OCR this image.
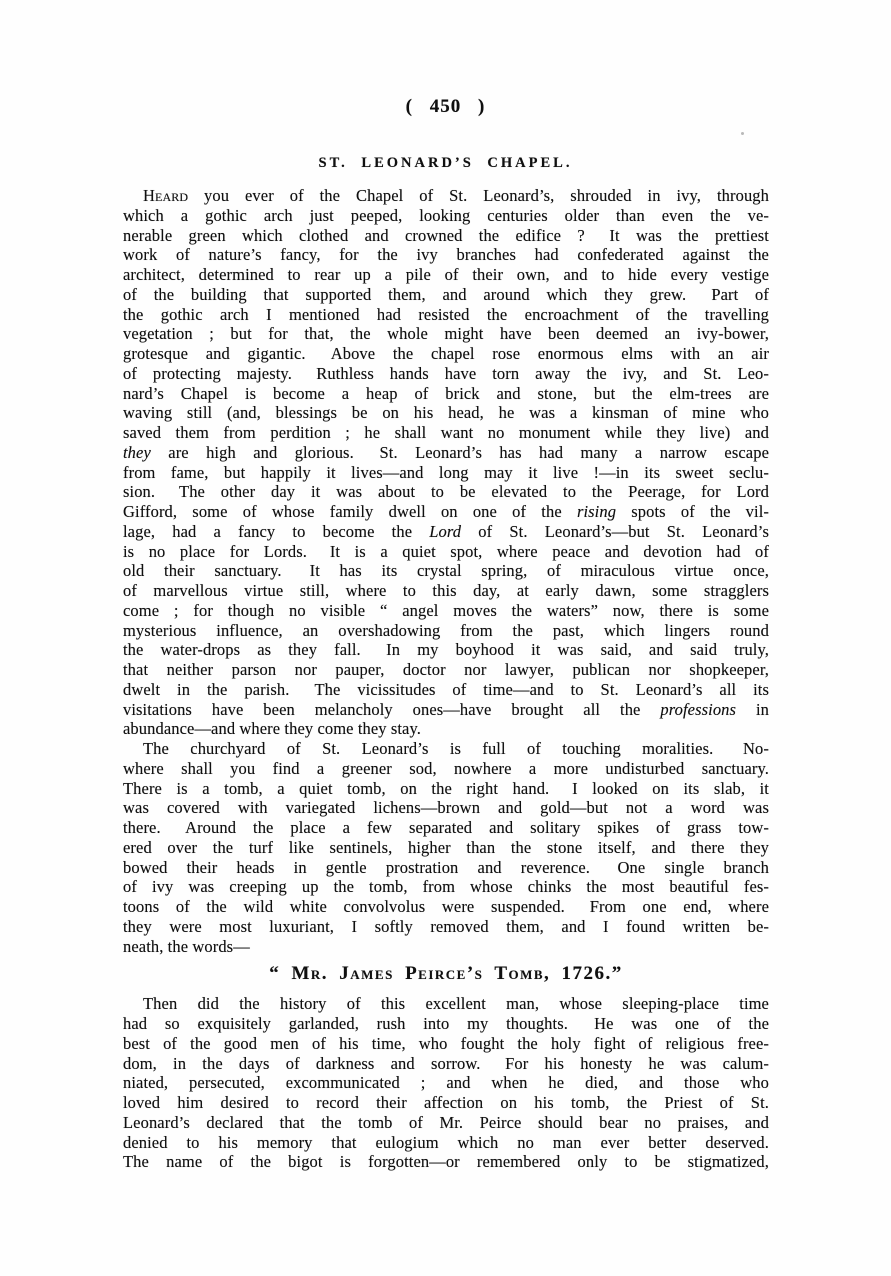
( 450 )
ST. LEONARD’S CHAPEL.
Heard you ever of the Chapel of St. Leonard’s, shrouded in ivy, through
which a gothic arch just peeped, looking centuries older than even the ve-
nerable green which clothed and crowned the edifice ?  It was the prettiest
work of nature’s fancy, for the ivy branches had confederated against the
architect, determined to rear up a pile of their own, and to hide every vestige
of the building that supported them, and around which they grew.  Part of
the gothic arch I mentioned had resisted the encroachment of the travelling
vegetation ; but for that, the whole might have been deemed an ivy-bower,
grotesque and gigantic.  Above the chapel rose enormous elms with an air
of protecting majesty.  Ruthless hands have torn away the ivy, and St. Leo-
nard’s Chapel is become a heap of brick and stone, but the elm-trees are
waving still (and, blessings be on his head, he was a kinsman of mine who
saved them from perdition ; he shall want no monument while they live) and
they are high and glorious.  St. Leonard’s has had many a narrow escape
from fame, but happily it lives—and long may it live !—in its sweet seclu-
sion.  The other day it was about to be elevated to the Peerage, for Lord
Gifford, some of whose family dwell on one of the rising spots of the vil-
lage, had a fancy to become the Lord of St. Leonard’s—but St. Leonard’s
is no place for Lords.  It is a quiet spot, where peace and devotion had of
old their sanctuary.  It has its crystal spring, of miraculous virtue once,
of marvellous virtue still, where to this day, at early dawn, some stragglers
come ; for though no visible “ angel moves the waters” now, there is some
mysterious influence, an overshadowing from the past, which lingers round
the water-drops as they fall.  In my boyhood it was said, and said truly,
that neither parson nor pauper, doctor nor lawyer, publican nor shopkeeper,
dwelt in the parish.  The vicissitudes of time—and to St. Leonard’s all its
visitations have been melancholy ones—have brought all the professions in
abundance—and where they come they stay.
The churchyard of St. Leonard’s is full of touching moralities.  No-
where shall you find a greener sod, nowhere a more undisturbed sanctuary.
There is a tomb, a quiet tomb, on the right hand.  I looked on its slab, it
was covered with variegated lichens—brown and gold—but not a word was
there.  Around the place a few separated and solitary spikes of grass tow-
ered over the turf like sentinels, higher than the stone itself, and there they
bowed their heads in gentle prostration and reverence.  One single branch
of ivy was creeping up the tomb, from whose chinks the most beautiful fes-
toons of the wild white convolvolus were suspended.  From one end, where
they were most luxuriant, I softly removed them, and I found written be-
neath, the words—
“ Mr. James Peirce’s Tomb, 1726.”
Then did the history of this excellent man, whose sleeping-place time
had so exquisitely garlanded, rush into my thoughts.  He was one of the
best of the good men of his time, who fought the holy fight of religious free-
dom, in the days of darkness and sorrow.  For his honesty he was calum-
niated, persecuted, excommunicated ; and when he died, and those who
loved him desired to record their affection on his tomb, the Priest of St.
Leonard’s declared that the tomb of Mr. Peirce should bear no praises, and
denied to his memory that eulogium which no man ever better deserved.
The name of the bigot is forgotten—or remembered only to be stigmatized,
